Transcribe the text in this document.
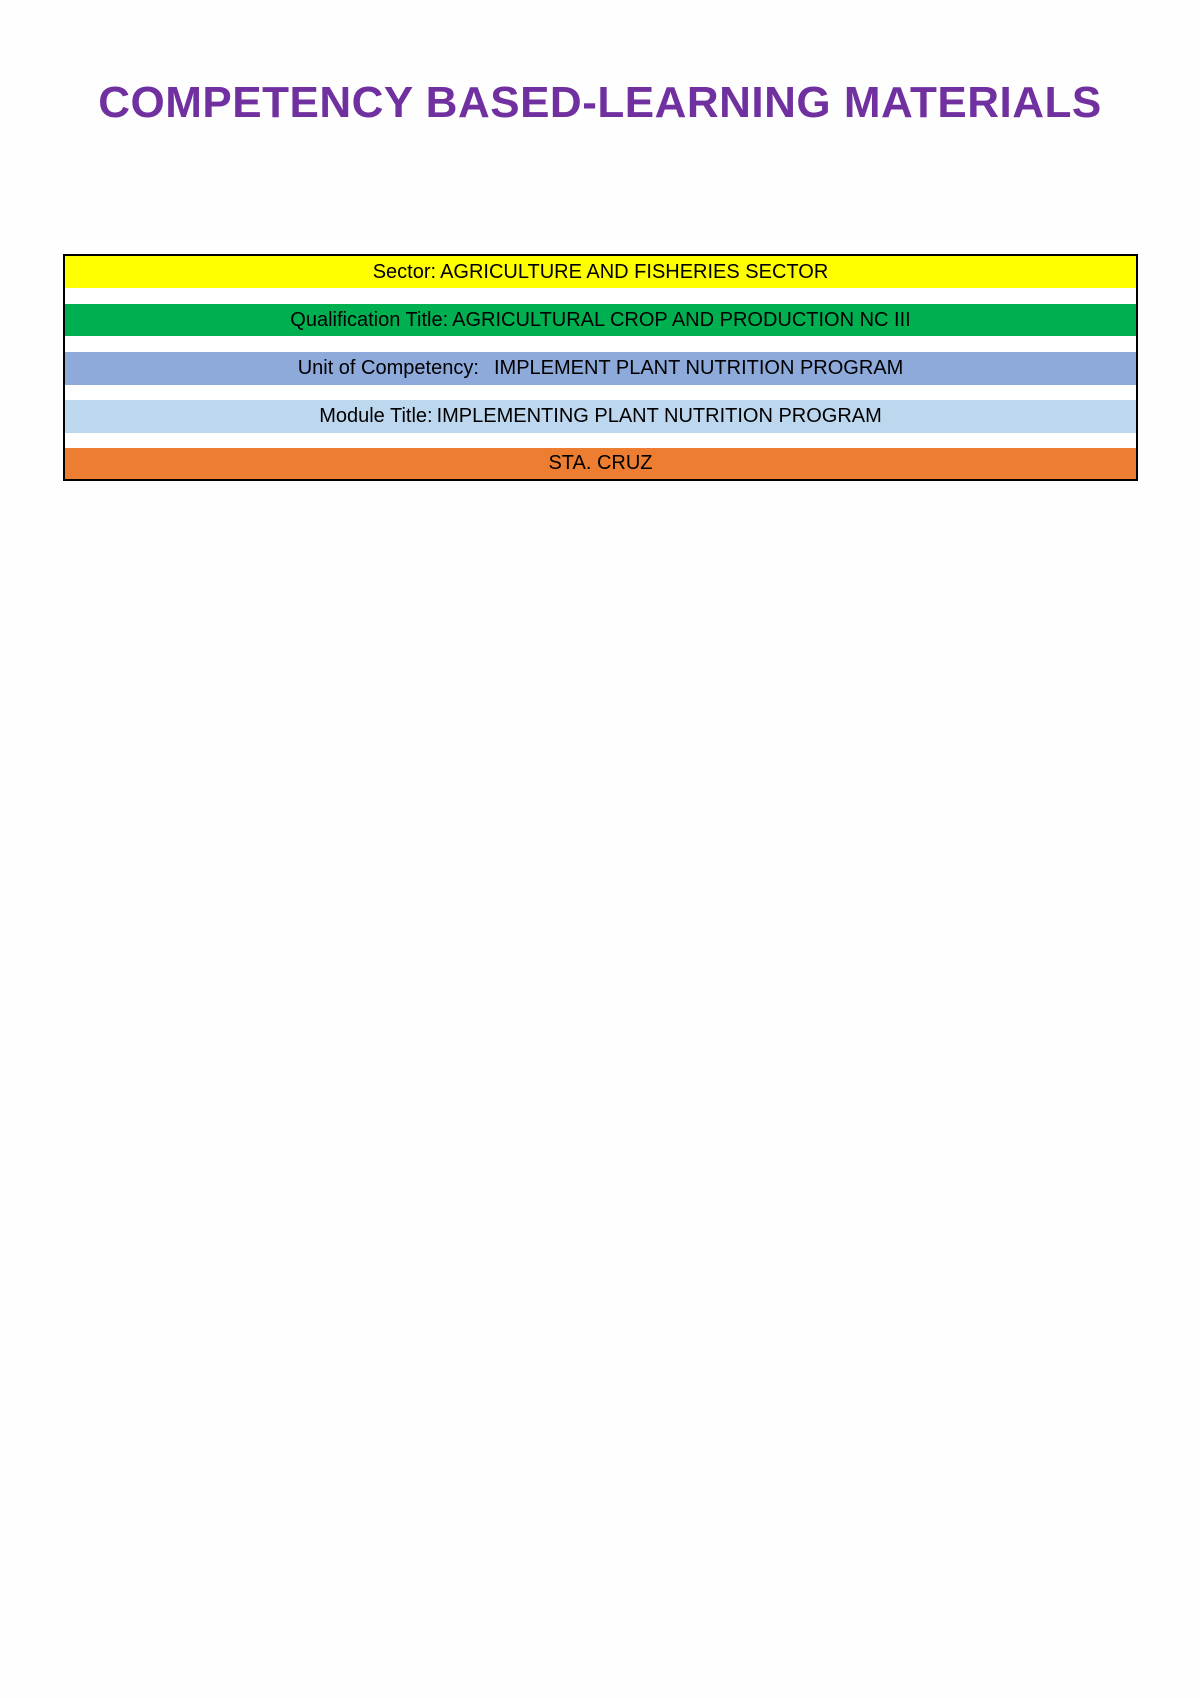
COMPETENCY BASED-LEARNING MATERIALS
Sector: AGRICULTURE AND FISHERIES SECTOR
Qualification Title: AGRICULTURAL CROP AND PRODUCTION NC III
Unit of Competency: IMPLEMENT PLANT NUTRITION PROGRAM
Module Title: IMPLEMENTING PLANT NUTRITION PROGRAM
STA. CRUZ
